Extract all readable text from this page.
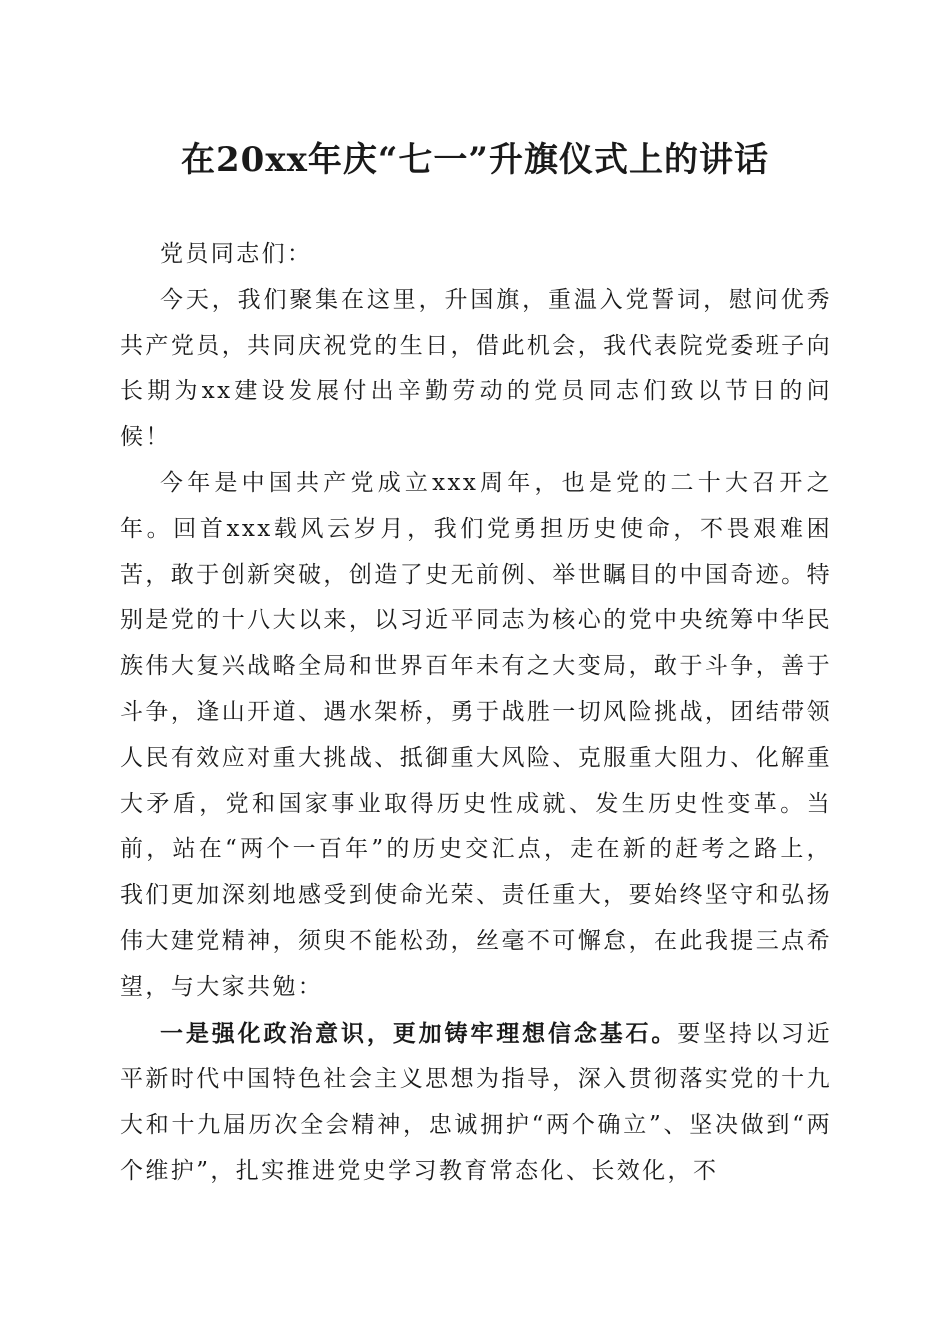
在20xx年庆“七一”升旗仪式上的讲话

党员同志们：

今天，我们聚集在这里，升国旗，重温入党誓词，慰问优秀共产党员，共同庆祝党的生日，借此机会，我代表院党委班子向长期为xx建设发展付出辛勤劳动的党员同志们致以节日的问候！

今年是中国共产党成立xxx周年，也是党的二十大召开之年。回首xxx载风云岁月，我们党勇担历史使命，不畏艰难困苦，敢于创新突破，创造了史无前例、举世瞩目的中国奇迹。特别是党的十八大以来，以习近平同志为核心的党中央统筹中华民族伟大复兴战略全局和世界百年未有之大变局，敢于斗争，善于斗争，逢山开道、遇水架桥，勇于战胜一切风险挑战，团结带领人民有效应对重大挑战、抵御重大风险、克服重大阻力、化解重大矛盾，党和国家事业取得历史性成就、发生历史性变革。当前，站在“两个一百年”的历史交汇点，走在新的赶考之路上，我们更加深刻地感受到使命光荣、责任重大，要始终坚守和弘扬伟大建党精神，须臾不能松劲，丝毫不可懈怠，在此我提三点希望，与大家共勉：

一是强化政治意识，更加铸牢理想信念基石。要坚持以习近平新时代中国特色社会主义思想为指导，深入贯彻落实党的十九大和十九届历次全会精神，忠诚拥护“两个确立”、坚决做到“两个维护”，扎实推进党史学习教育常态化、长效化，不
